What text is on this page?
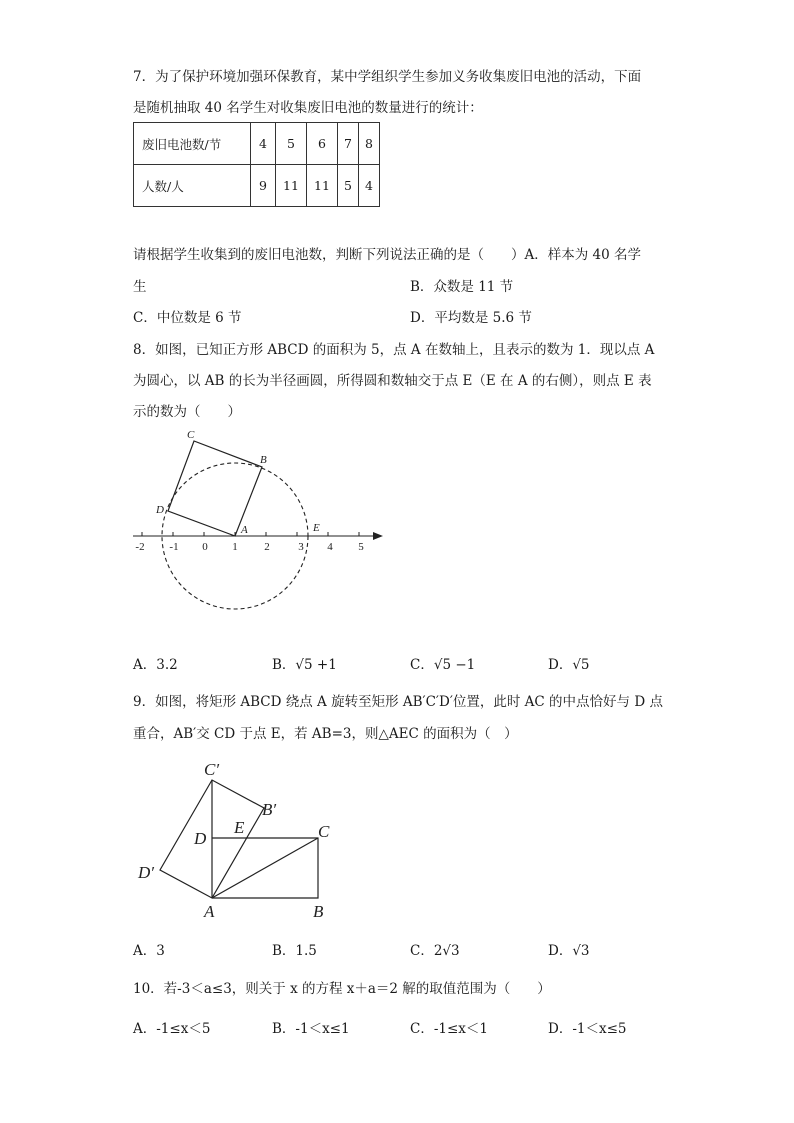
7．为了保护环境加强环保教育，某中学组织学生参加义务收集废旧电池的活动，下面
是随机抽取 40 名学生对收集废旧电池的数量进行的统计：
废旧电池数/节	4	5	6	7	8
人数/人	9	11	11	5	4
请根据学生收集到的废旧电池数，判断下列说法正确的是（　　）A．样本为 40 名学
生	B．众数是 11 节
C．中位数是 6 节	D．平均数是 5.6 节
8．如图，已知正方形 ABCD 的面积为 5，点 A 在数轴上，且表示的数为 1．现以点 A
为圆心，以 AB 的长为半径画圆，所得圆和数轴交于点 E（E 在 A 的右侧），则点 E 表
示的数为（　　）
-2 -1 0 1 2	3 4 5
C
B
D
A	E
A．3.2	B．√5 +1	C．√5 −1	D．√5
9．如图，将矩形 ABCD 绕点 A 旋转至矩形 AB′C′D′位置，此时 AC 的中点恰好与 D 点
重合，AB′交 CD 于点 E，若 AB=3，则△AEC 的面积为（　）
C′
B′
E
D	C
D′
A	B
A．3	B．1.5	C．2√3	D．√3
10．若-3＜a≤3，则关于 x 的方程 x＋a＝2 解的取值范围为（　　）
A．-1≤x＜5	B．-1＜x≤1	C．-1≤x＜1	D．-1＜x≤5
